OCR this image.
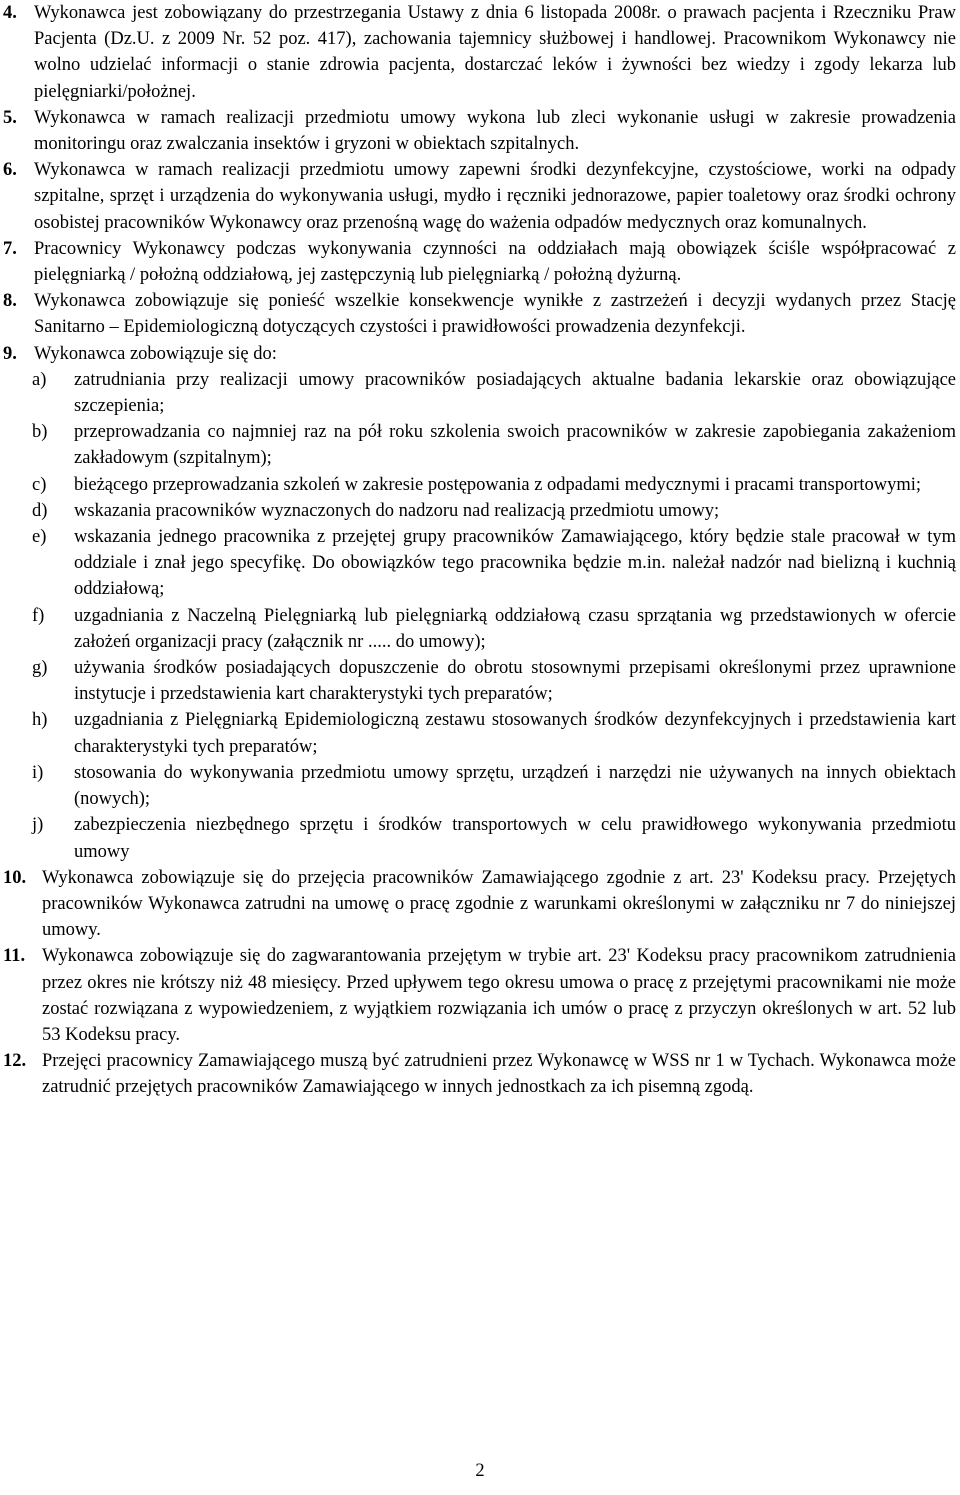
4. Wykonawca jest zobowiązany do przestrzegania Ustawy z dnia 6 listopada 2008r. o prawach pacjenta i Rzeczniku Praw Pacjenta (Dz.U. z 2009 Nr. 52 poz. 417), zachowania tajemnicy służbowej i handlowej. Pracownikom Wykonawcy nie wolno udzielać informacji o stanie zdrowia pacjenta, dostarczać leków i żywności bez wiedzy i zgody lekarza lub pielęgniarki/położnej.

5. Wykonawca w ramach realizacji przedmiotu umowy wykona lub zleci wykonanie usługi w zakresie prowadzenia monitoringu oraz zwalczania insektów i gryzoni w obiektach szpitalnych.

6. Wykonawca w ramach realizacji przedmiotu umowy zapewni środki dezynfekcyjne, czystościowe, worki na odpady szpitalne, sprzęt i urządzenia do wykonywania usługi, mydło i ręczniki jednorazowe, papier toaletowy oraz środki ochrony osobistej pracowników Wykonawcy oraz przenośną wagę do ważenia odpadów medycznych oraz komunalnych.

7. Pracownicy Wykonawcy podczas wykonywania czynności na oddziałach mają obowiązek ściśle współpracować z pielęgniarką / położną oddziałową, jej zastępczynią lub pielęgniarką / położną dyżurną.

8. Wykonawca zobowiązuje się ponieść wszelkie konsekwencje wynikłe z zastrzeżeń i decyzji wydanych przez Stację Sanitarno – Epidemiologiczną dotyczących czystości i prawidłowości prowadzenia dezynfekcji.

9. Wykonawca zobowiązuje się do:

a) zatrudniania przy realizacji umowy pracowników posiadających aktualne badania lekarskie oraz obowiązujące szczepienia;

b) przeprowadzania co najmniej raz na pół roku szkolenia swoich pracowników w zakresie zapobiegania zakażeniom zakładowym (szpitalnym);

c) bieżącego przeprowadzania szkoleń w zakresie postępowania z odpadami medycznymi i pracami transportowymi;

d) wskazania pracowników wyznaczonych do nadzoru nad realizacją przedmiotu umowy;

e) wskazania jednego pracownika z przejętej grupy pracowników Zamawiającego, który będzie stale pracował w tym oddziale i znał jego specyfikę. Do obowiązków tego pracownika będzie m.in. należał nadzór nad bielizną i kuchnią oddziałową;

f) uzgadniania z Naczelną Pielęgniarką lub pielęgniarką oddziałową czasu sprzątania wg przedstawionych w ofercie założeń organizacji pracy (załącznik nr ..... do umowy);

g) używania środków posiadających dopuszczenie do obrotu stosownymi przepisami określonymi przez uprawnione instytucje i przedstawienia kart charakterystyki tych preparatów;

h) uzgadniania z Pielęgniarką Epidemiologiczną zestawu stosowanych środków dezynfekcyjnych i przedstawienia kart charakterystyki tych preparatów;

i) stosowania do wykonywania przedmiotu umowy sprzętu, urządzeń i narzędzi nie używanych na innych obiektach (nowych);

j) zabezpieczenia niezbędnego sprzętu i środków transportowych w celu prawidłowego wykonywania przedmiotu umowy

10. Wykonawca zobowiązuje się do przejęcia pracowników Zamawiającego zgodnie z art. 23' Kodeksu pracy. Przejętych pracowników Wykonawca zatrudni na umowę o pracę zgodnie z warunkami określonymi w załączniku nr 7 do niniejszej umowy.

11. Wykonawca zobowiązuje się do zagwarantowania przejętym w trybie art. 23' Kodeksu pracy pracownikom zatrudnienia przez okres nie krótszy niż 48 miesięcy. Przed upływem tego okresu umowa o pracę z przejętymi pracownikami nie może zostać rozwiązana z wypowiedzeniem, z wyjątkiem rozwiązania ich umów o pracę z przyczyn określonych w art. 52 lub 53 Kodeksu pracy.

12. Przejęci pracownicy Zamawiającego muszą być zatrudnieni przez Wykonawcę w WSS nr 1 w Tychach. Wykonawca może zatrudnić przejętych pracowników Zamawiającego w innych jednostkach za ich pisemną zgodą.

2
